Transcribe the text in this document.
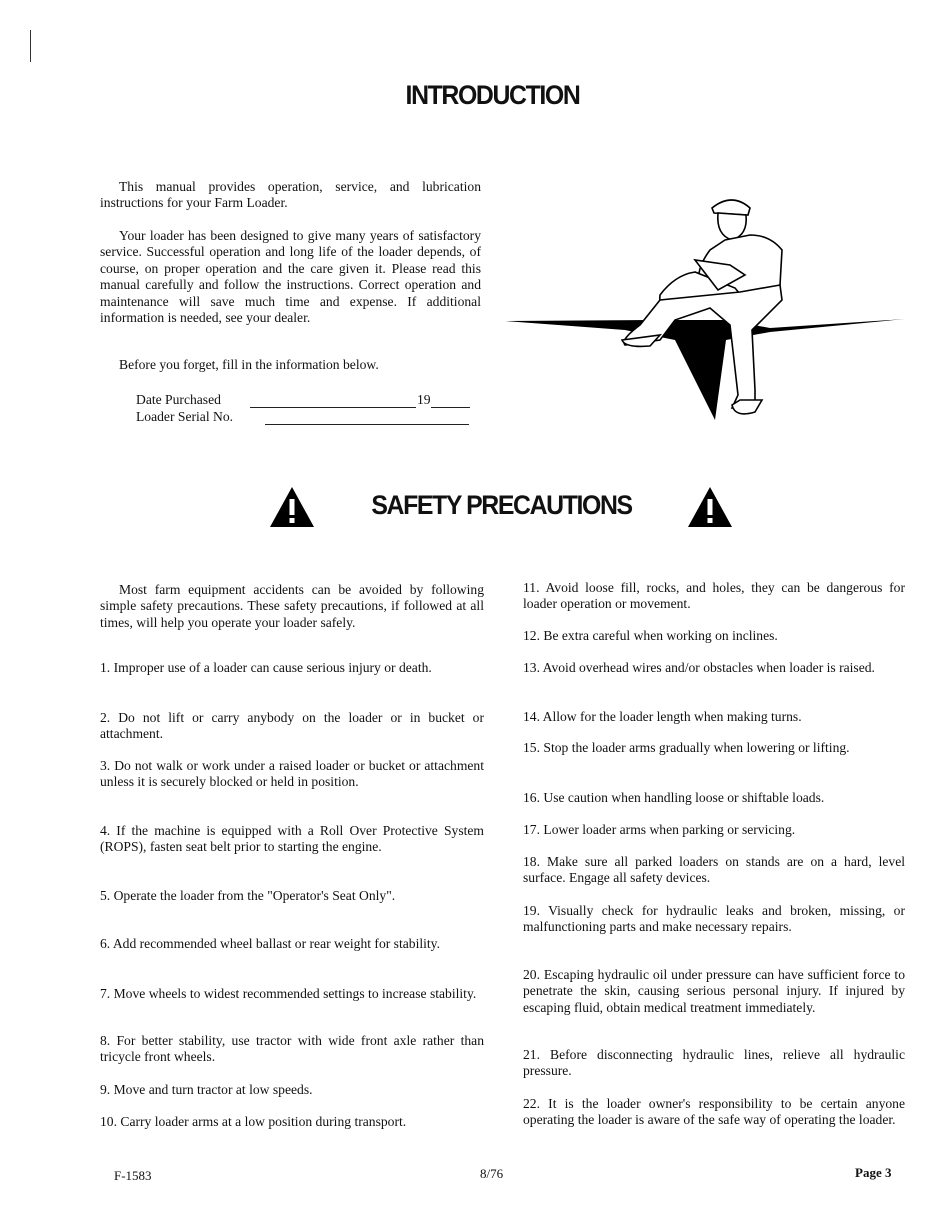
INTRODUCTION

This manual provides operation, service, and lubrication instructions for your Farm Loader.

Your loader has been designed to give many years of satisfactory service. Successful operation and long life of the loader depends, of course, on proper operation and the care given it. Please read this manual carefully and follow the instructions. Correct operation and maintenance will save much time and expense. If additional information is needed, see your dealer.

Before you forget, fill in the information below.

Date Purchased	19
Loader Serial No.
SAFETY PRECAUTIONS

Most farm equipment accidents can be avoided by following simple safety precautions. These safety precautions, if followed at all times, will help you operate your loader safely.

1. Improper use of a loader can cause serious injury or death.

2. Do not lift or carry anybody on the loader or in bucket or attachment.

3. Do not walk or work under a raised loader or bucket or attachment unless it is securely blocked or held in position.

4. If the machine is equipped with a Roll Over Protective System (ROPS), fasten seat belt prior to starting the engine.

5. Operate the loader from the "Operator's Seat Only".

6. Add recommended wheel ballast or rear weight for stability.

7. Move wheels to widest recommended settings to increase stability.

8. For better stability, use tractor with wide front axle rather than tricycle front wheels.

9. Move and turn tractor at low speeds.

10. Carry loader arms at a low position during transport.

11. Avoid loose fill, rocks, and holes, they can be dangerous for loader operation or movement.

12. Be extra careful when working on inclines.

13. Avoid overhead wires and/or obstacles when loader is raised.

14. Allow for the loader length when making turns.

15. Stop the loader arms gradually when lowering or lifting.

16. Use caution when handling loose or shiftable loads.

17. Lower loader arms when parking or servicing.

18. Make sure all parked loaders on stands are on a hard, level surface. Engage all safety devices.

19. Visually check for hydraulic leaks and broken, missing, or malfunctioning parts and make necessary repairs.

20. Escaping hydraulic oil under pressure can have sufficient force to penetrate the skin, causing serious personal injury. If injured by escaping fluid, obtain medical treatment immediately.

21. Before disconnecting hydraulic lines, relieve all hydraulic pressure.

22. It is the loader owner's responsibility to be certain anyone operating the loader is aware of the safe way of operating the loader.

F-1583	8/76	Page 3
